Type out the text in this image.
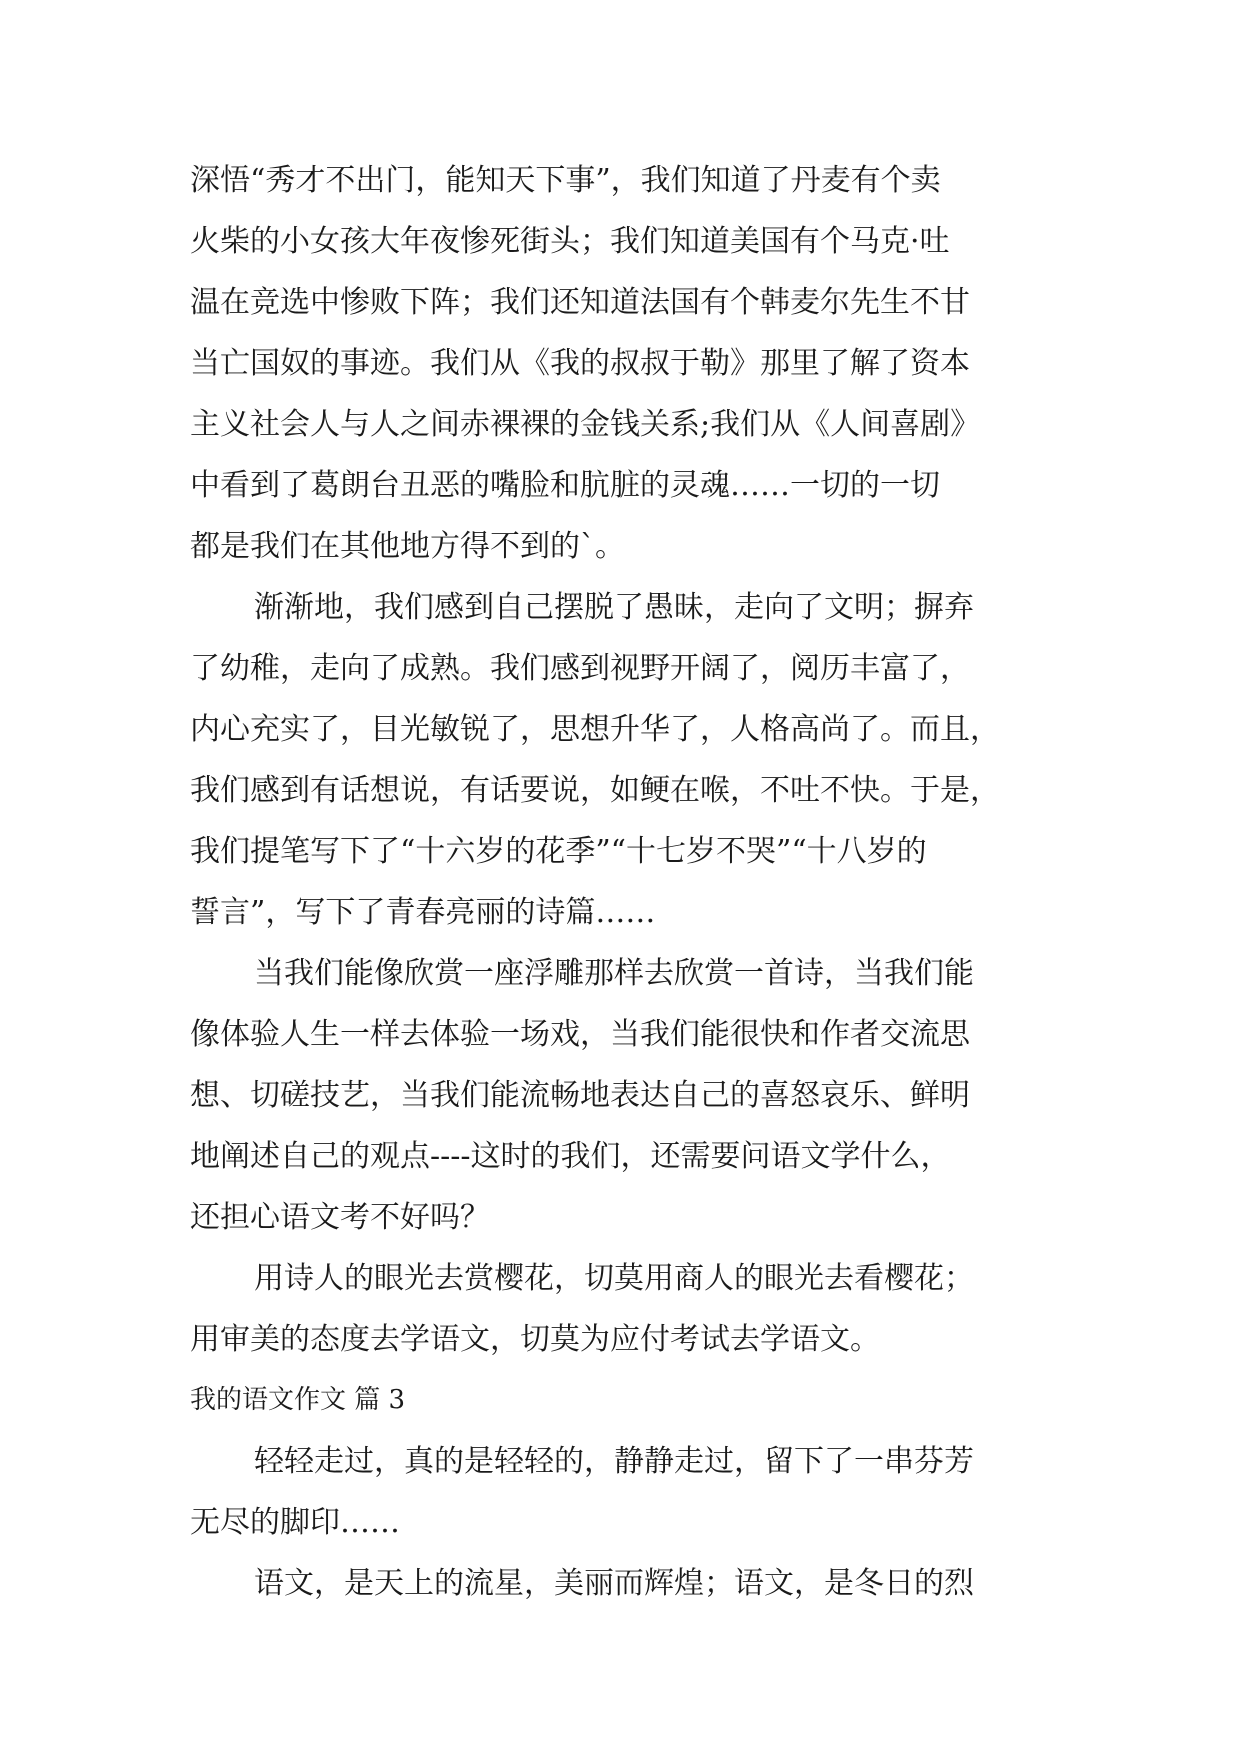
深悟“秀才不出门，能知天下事”，我们知道了丹麦有个卖
火柴的小女孩大年夜惨死街头；我们知道美国有个马克·吐
温在竞选中惨败下阵；我们还知道法国有个韩麦尔先生不甘
当亡国奴的事迹。我们从《我的叔叔于勒》那里了解了资本
主义社会人与人之间赤裸裸的金钱关系;我们从《人间喜剧》
中看到了葛朗台丑恶的嘴脸和肮脏的灵魂……一切的一切
都是我们在其他地方得不到的`。
渐渐地，我们感到自己摆脱了愚昧，走向了文明；摒弃
了幼稚，走向了成熟。我们感到视野开阔了，阅历丰富了，
内心充实了，目光敏锐了，思想升华了，人格高尚了。而且，
我们感到有话想说，有话要说，如鲠在喉，不吐不快。于是，
我们提笔写下了“十六岁的花季”“十七岁不哭”“十八岁的
誓言”，写下了青春亮丽的诗篇……
当我们能像欣赏一座浮雕那样去欣赏一首诗，当我们能
像体验人生一样去体验一场戏，当我们能很快和作者交流思
想、切磋技艺，当我们能流畅地表达自己的喜怒哀乐、鲜明
地阐述自己的观点----这时的我们，还需要问语文学什么，
还担心语文考不好吗？
用诗人的眼光去赏樱花，切莫用商人的眼光去看樱花；
用审美的态度去学语文，切莫为应付考试去学语文。
我的语文作文 篇 3
轻轻走过，真的是轻轻的，静静走过，留下了一串芬芳
无尽的脚印……
语文，是天上的流星，美丽而辉煌；语文，是冬日的烈
